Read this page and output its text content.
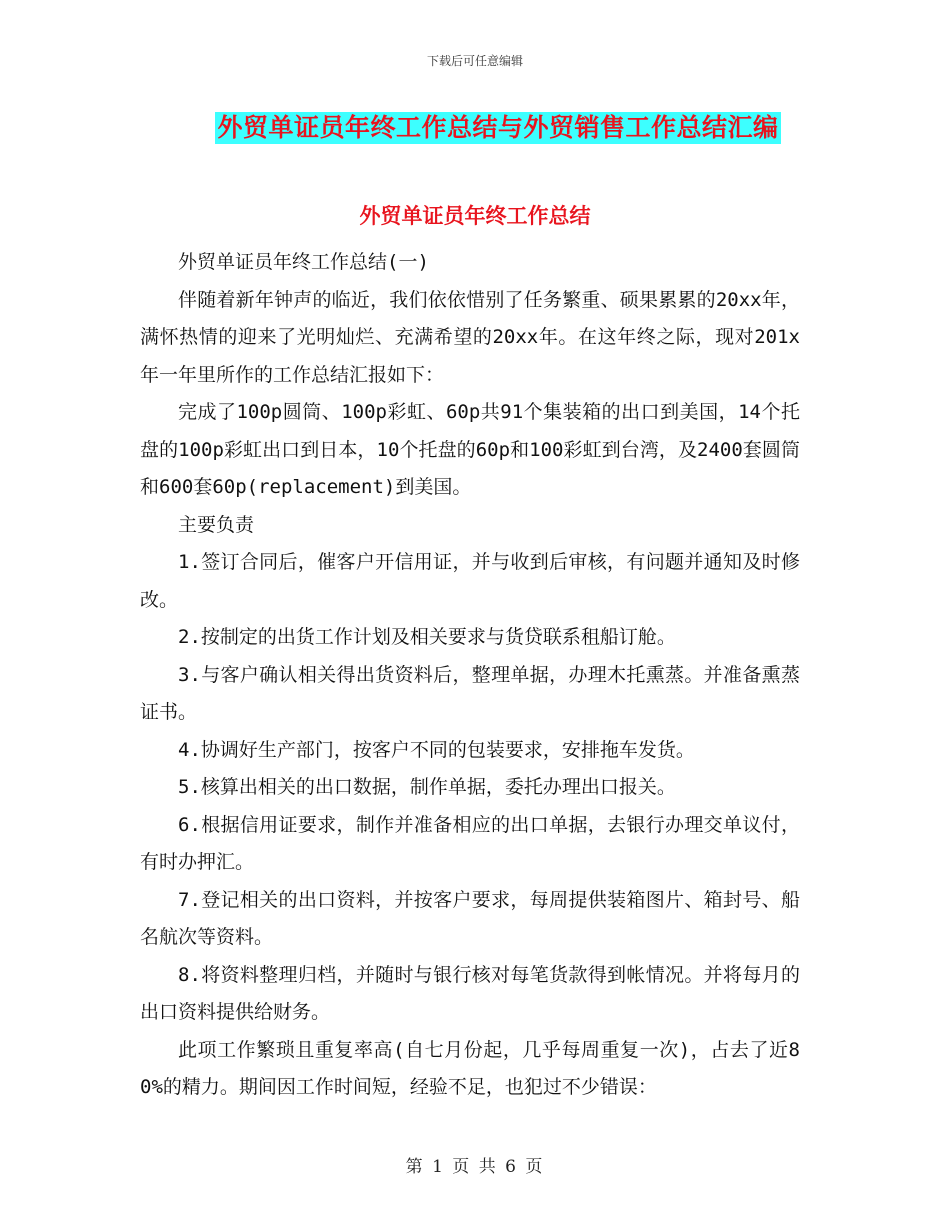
下载后可任意编辑
外贸单证员年终工作总结与外贸销售工作总结汇编
外贸单证员年终工作总结

外贸单证员年终工作总结(一)

伴随着新年钟声的临近，我们依依惜别了任务繁重、硕果累累的20xx年，满怀热情的迎来了光明灿烂、充满希望的20xx年。在这年终之际，现对201x年一年里所作的工作总结汇报如下：

完成了100p圆筒、100p彩虹、60p共91个集装箱的出口到美国，14个托盘的100p彩虹出口到日本，10个托盘的60p和100彩虹到台湾，及2400套圆筒和600套60p(replacement)到美国。

主要负责

1.签订合同后，催客户开信用证，并与收到后审核，有问题并通知及时修改。

2.按制定的出货工作计划及相关要求与货贷联系租船订舱。

3.与客户确认相关得出货资料后，整理单据，办理木托熏蒸。并准备熏蒸证书。

4.协调好生产部门，按客户不同的包装要求，安排拖车发货。

5.核算出相关的出口数据，制作单据，委托办理出口报关。

6.根据信用证要求，制作并准备相应的出口单据，去银行办理交单议付，有时办押汇。

7.登记相关的出口资料，并按客户要求，每周提供装箱图片、箱封号、船名航次等资料。

8.将资料整理归档，并随时与银行核对每笔货款得到帐情况。并将每月的出口资料提供给财务。

此项工作繁琐且重复率高(自七月份起，几乎每周重复一次)，占去了近80%的精力。期间因工作时间短，经验不足，也犯过不少错误：

第 1 页 共 6 页
